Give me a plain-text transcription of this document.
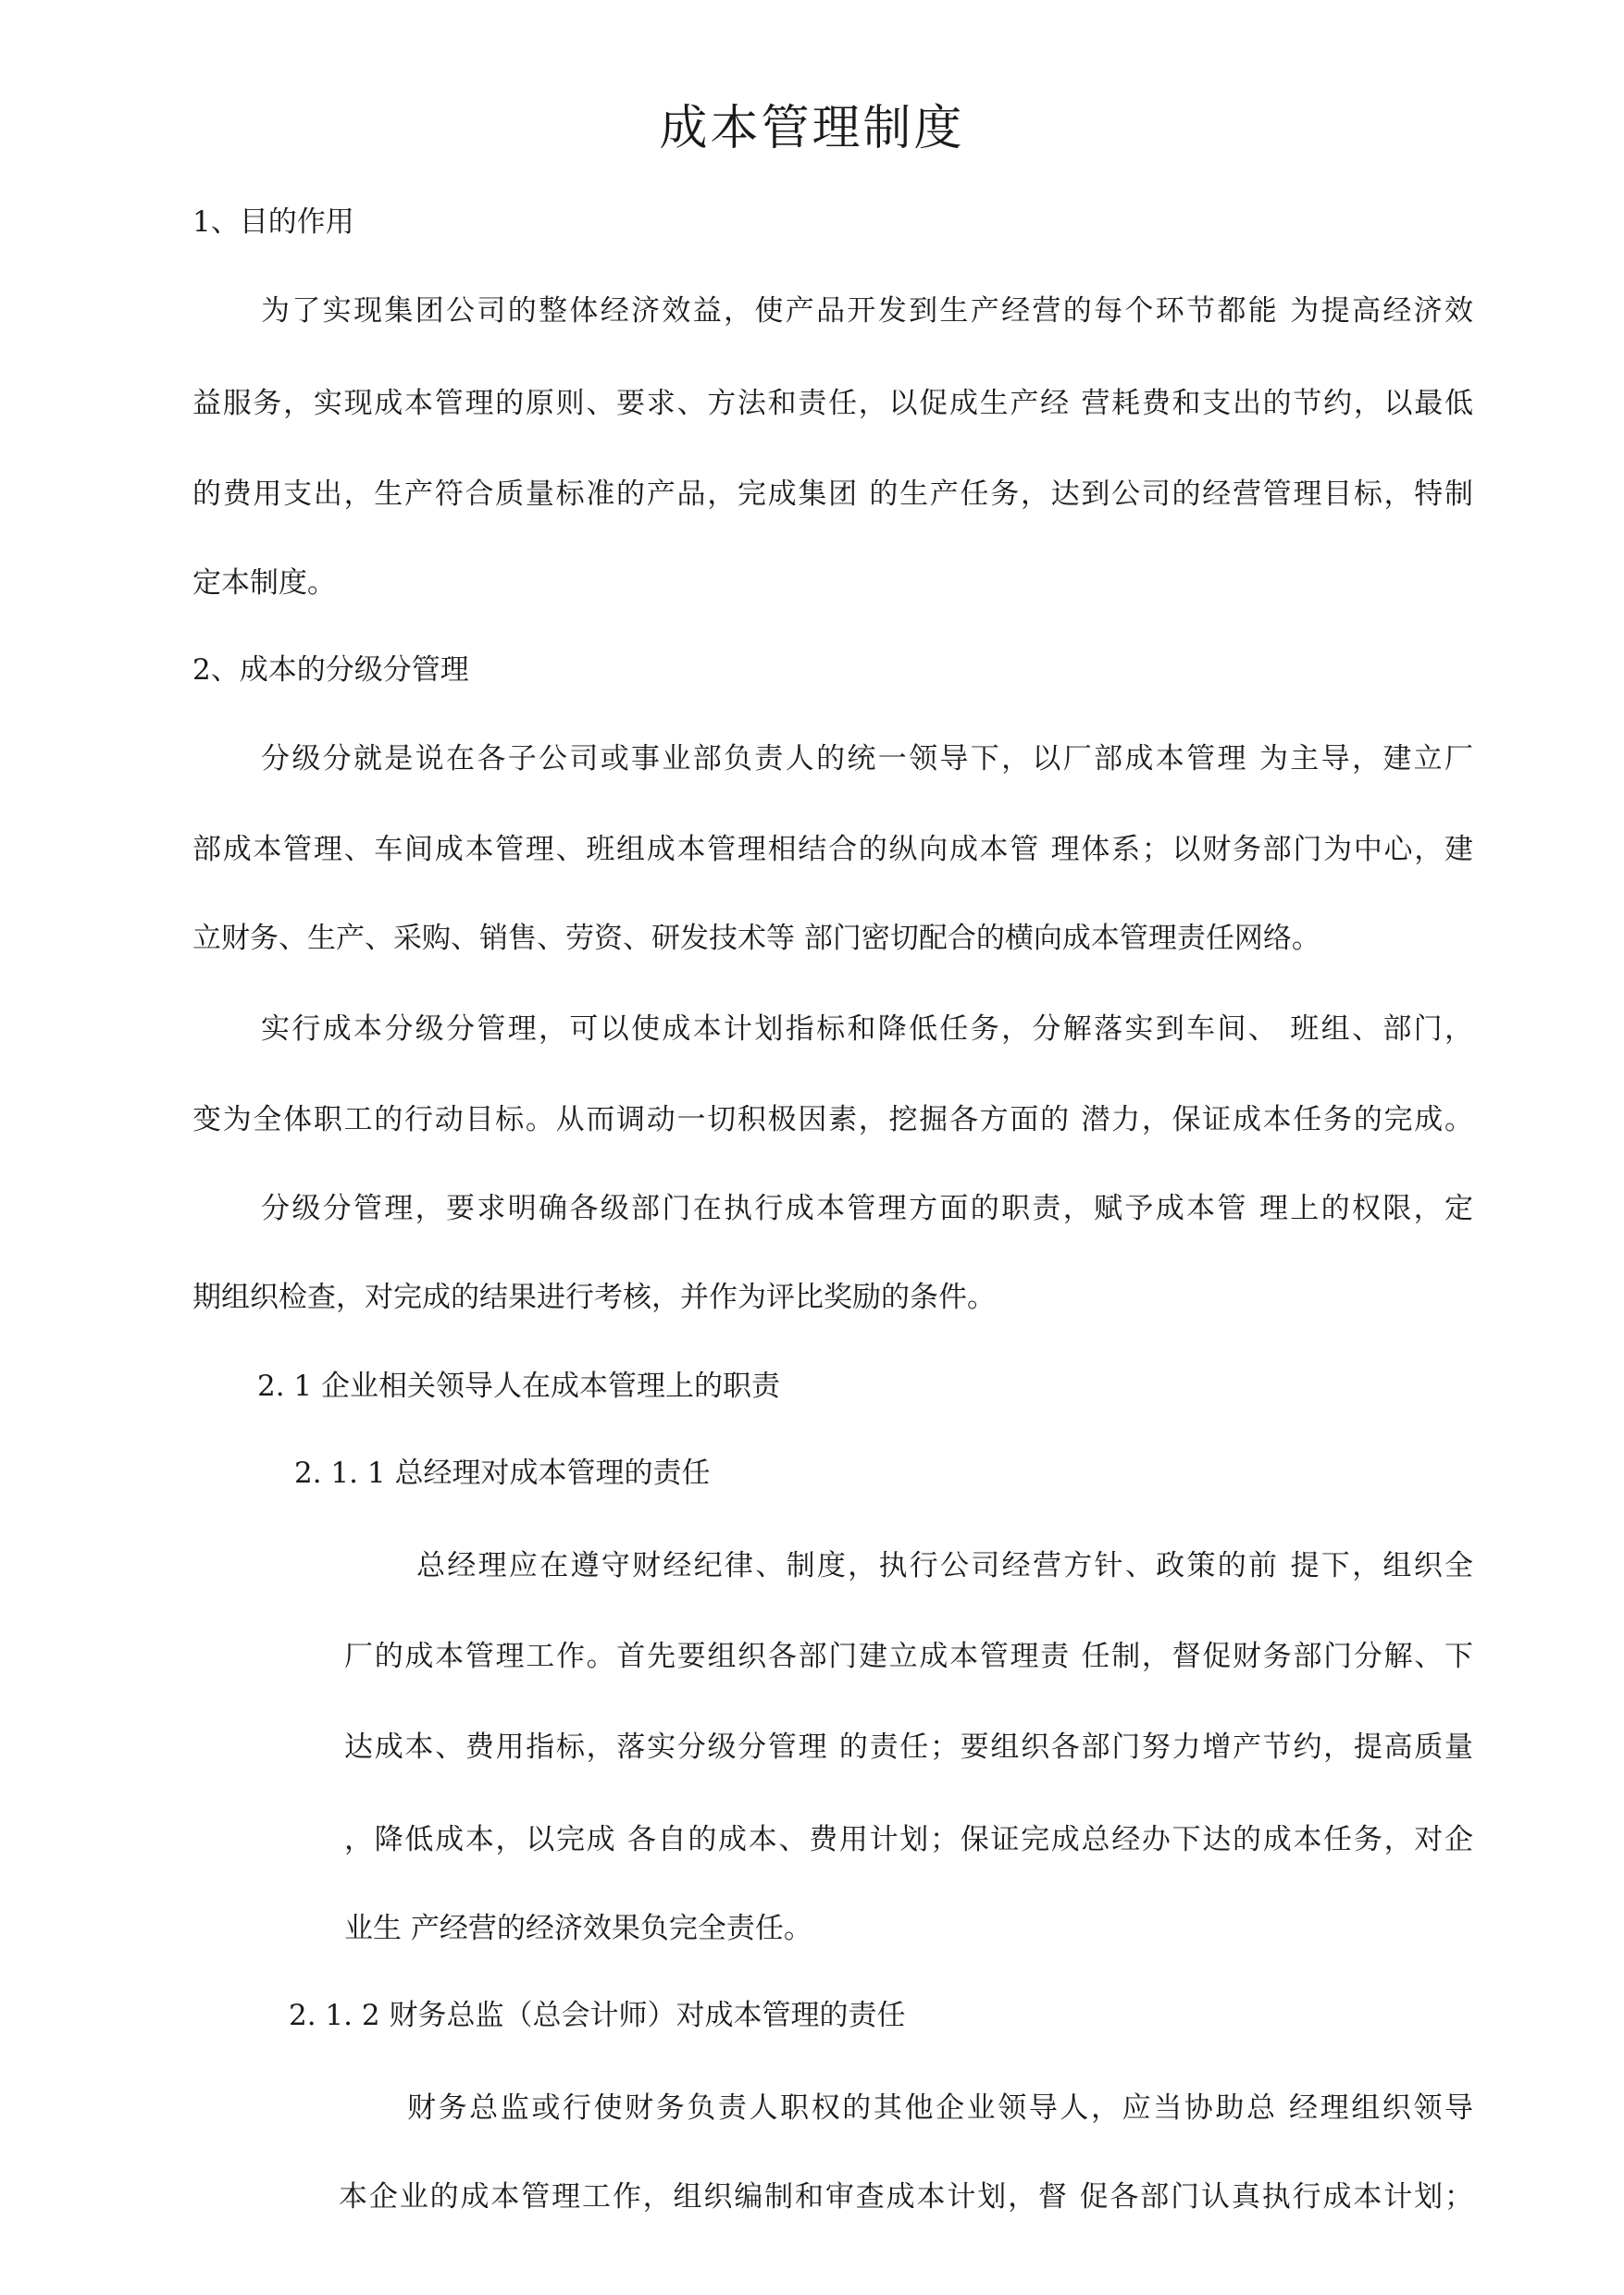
成本管理制度
1、目的作用
为了实现集团公司的整体经济效益，使产品开发到生产经营的每个环节都能 为提高经济效
益服务，实现成本管理的原则、要求、方法和责任，以促成生产经 营耗费和支出的节约，以最低
的费用支出，生产符合质量标准的产品，完成集团 的生产任务，达到公司的经营管理目标，特制
定本制度。
2、成本的分级分管理
分级分就是说在各子公司或事业部负责人的统一领导下，以厂部成本管理 为主导，建立厂
部成本管理、车间成本管理、班组成本管理相结合的纵向成本管 理体系；以财务部门为中心，建
立财务、生产、采购、销售、劳资、研发技术等 部门密切配合的横向成本管理责任网络。
实行成本分级分管理，可以使成本计划指标和降低任务，分解落实到车间、 班组、部门，
变为全体职工的行动目标。从而调动一切积极因素，挖掘各方面的 潜力，保证成本任务的完成。
分级分管理，要求明确各级部门在执行成本管理方面的职责，赋予成本管 理上的权限，定
期组织检查，对完成的结果进行考核，并作为评比奖励的条件。
2. 1 企业相关领导人在成本管理上的职责
2. 1. 1 总经理对成本管理的责任
总经理应在遵守财经纪律、制度，执行公司经营方针、政策的前 提下，组织全
厂的成本管理工作。首先要组织各部门建立成本管理责 任制，督促财务部门分解、下
达成本、费用指标，落实分级分管理 的责任；要组织各部门努力增产节约，提高质量
，降低成本，以完成 各自的成本、费用计划；保证完成总经办下达的成本任务，对企
业生 产经营的经济效果负完全责任。
2. 1. 2 财务总监（总会计师）对成本管理的责任
财务总监或行使财务负责人职权的其他企业领导人，应当协助总 经理组织领导
本企业的成本管理工作，组织编制和审查成本计划，督 促各部门认真执行成本计划；
